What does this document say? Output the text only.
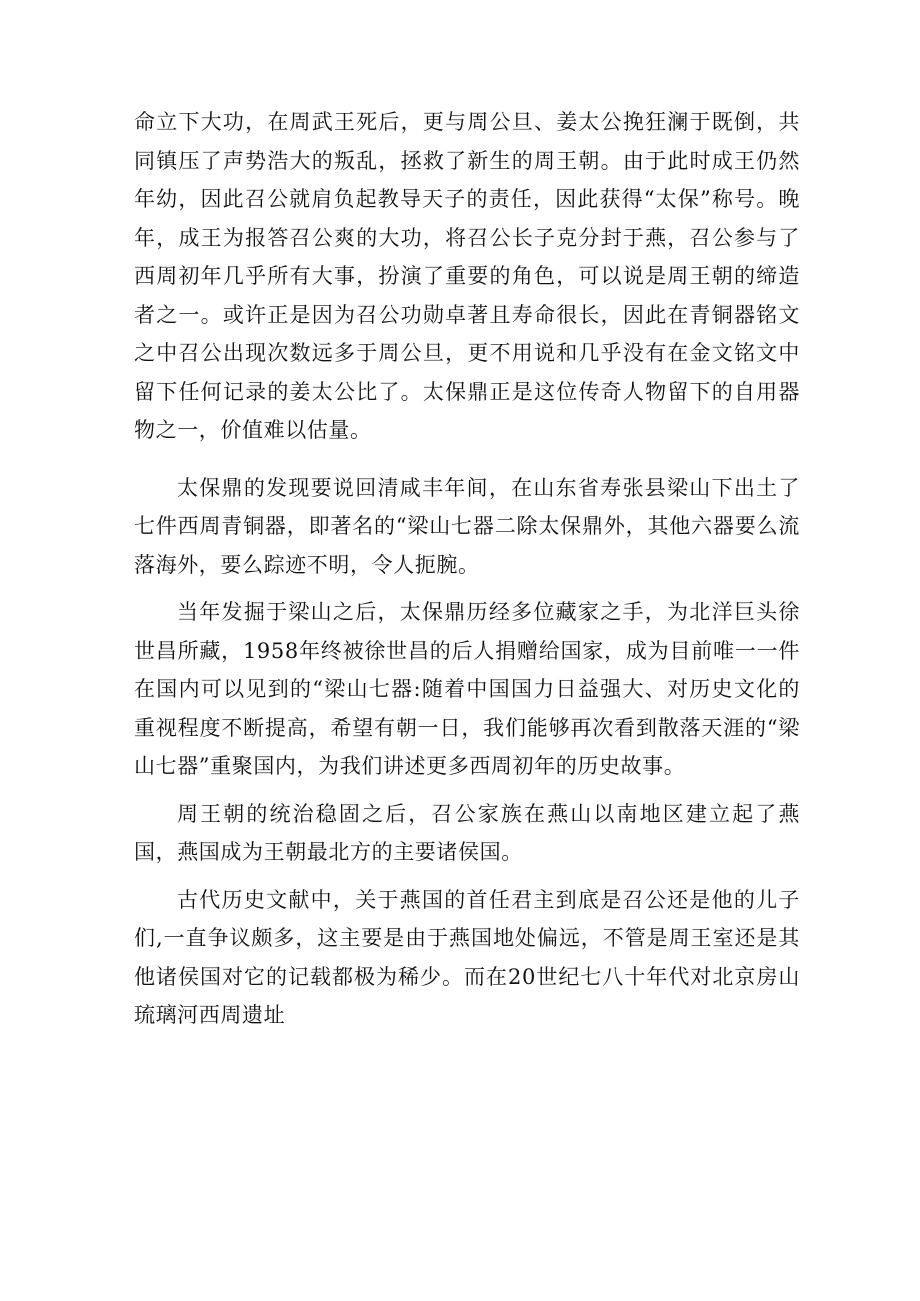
命立下大功，在周武王死后，更与周公旦、姜太公挽狂澜于既倒，共同镇压了声势浩大的叛乱，拯救了新生的周王朝。由于此时成王仍然年幼，因此召公就肩负起教导天子的责任，因此获得“太保”称号。晚年，成王为报答召公爽的大功，将召公长子克分封于燕，召公参与了西周初年几乎所有大事，扮演了重要的角色，可以说是周王朝的缔造者之一。或许正是因为召公功勋卓著且寿命很长，因此在青铜器铭文之中召公出现次数远多于周公旦，更不用说和几乎没有在金文铭文中留下任何记录的姜太公比了。太保鼎正是这位传奇人物留下的自用器物之一，价值难以估量。

太保鼎的发现要说回清咸丰年间，在山东省寿张县梁山下出土了七件西周青铜器，即著名的“梁山七器二除太保鼎外，其他六器要么流落海外，要么踪迹不明，令人扼腕。

当年发掘于梁山之后，太保鼎历经多位藏家之手，为北洋巨头徐世昌所藏，1958年终被徐世昌的后人捐赠给国家，成为目前唯一一件在国内可以见到的“梁山七器:随着中国国力日益强大、对历史文化的重视程度不断提高，希望有朝一日，我们能够再次看到散落天涯的“梁山七器”重聚国内，为我们讲述更多西周初年的历史故事。

周王朝的统治稳固之后，召公家族在燕山以南地区建立起了燕国，燕国成为王朝最北方的主要诸侯国。

古代历史文献中，关于燕国的首任君主到底是召公还是他的儿子们,一直争议颇多，这主要是由于燕国地处偏远，不管是周王室还是其他诸侯国对它的记载都极为稀少。而在20世纪七八十年代对北京房山琉璃河西周遗址
